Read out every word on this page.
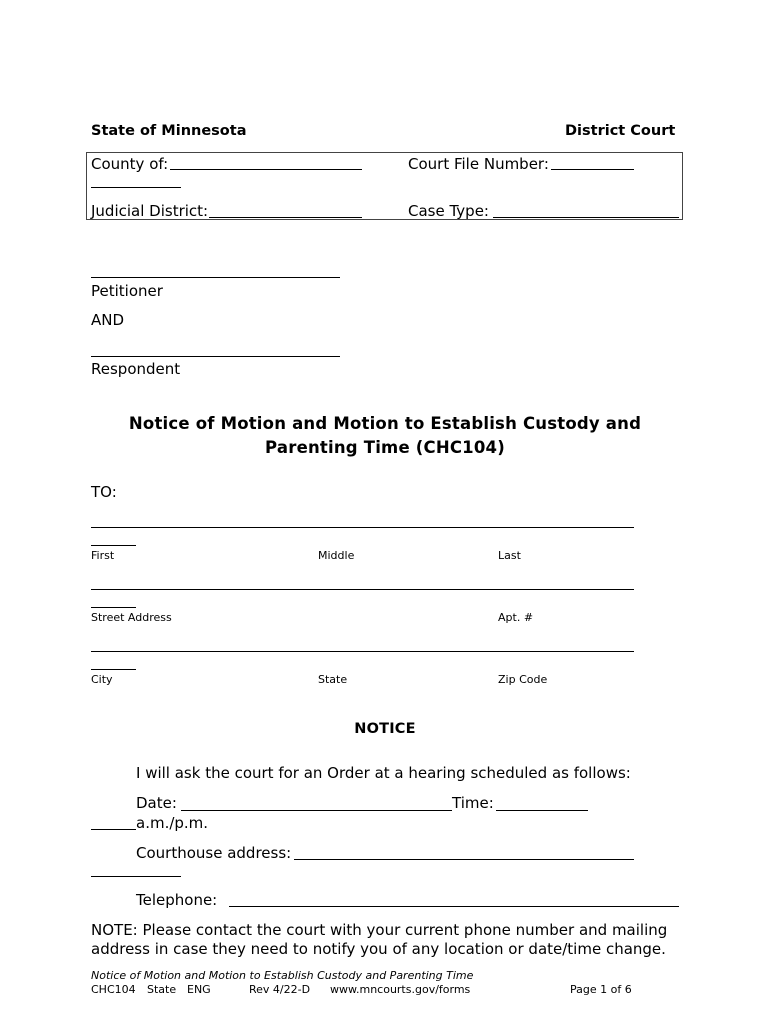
State of Minnesota	District Court
County of:	Court File Number:
Judicial District:	Case Type:
Petitioner
AND
Respondent
Notice of Motion and Motion to Establish Custody and
Parenting Time (CHC104)
TO:
First	Middle	Last
Street Address	Apt. #
City	State	Zip Code
NOTICE
I will ask the court for an Order at a hearing scheduled as follows:
Date:	Time:
a.m./p.m.
Courthouse address:
Telephone:
NOTE: Please contact the court with your current phone number and mailing
address in case they need to notify you of any location or date/time change.
Notice of Motion and Motion to Establish Custody and Parenting Time
CHC104 State ENG	Rev 4/22-D www.mncourts.gov/forms	Page 1 of 6
